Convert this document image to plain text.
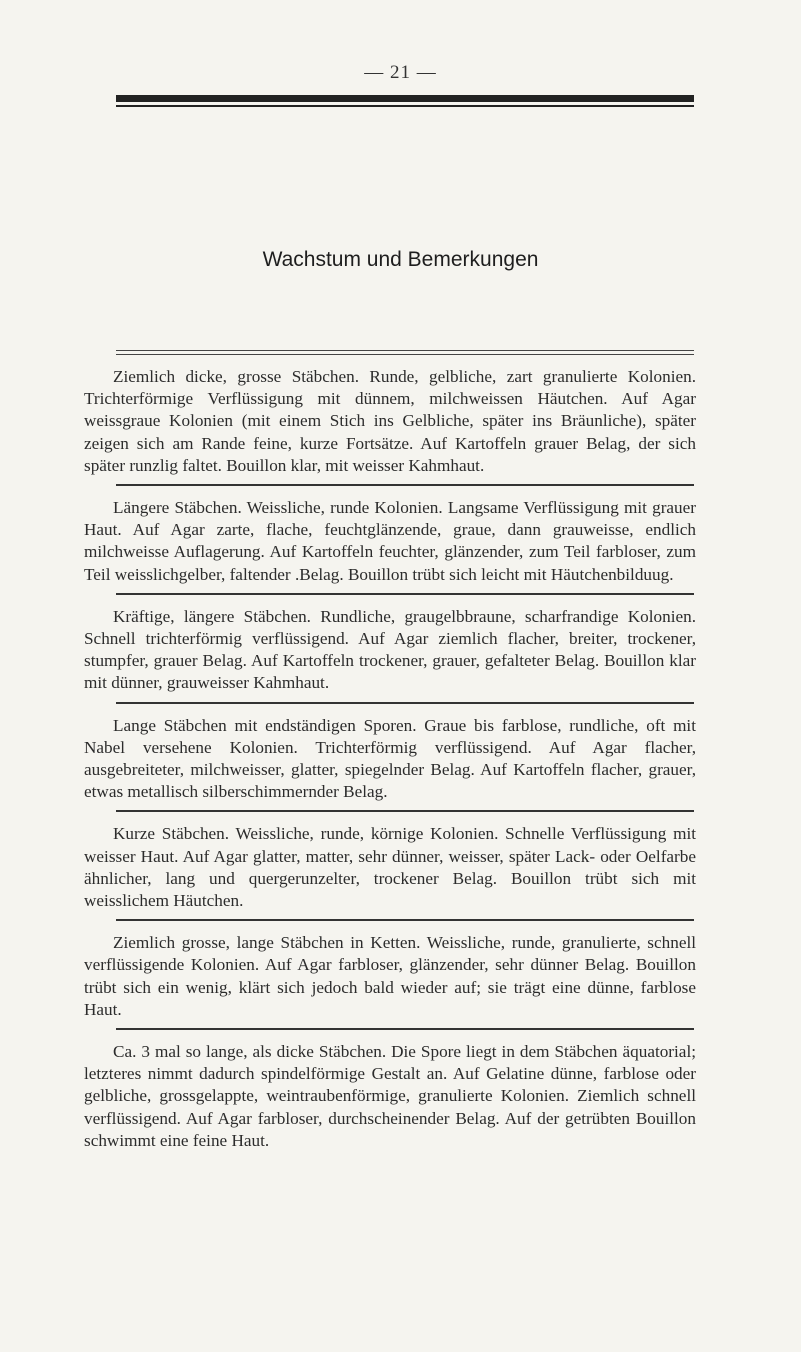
— 21 —
Wachstum und Bemerkungen

Ziemlich dicke, grosse Stäbchen. Runde, gelbliche, zart granulierte Kolonien. Trichterförmige Verflüssigung mit dünnem, milchweissen Häutchen. Auf Agar weissgraue Kolonien (mit einem Stich ins Gelbliche, später ins Bräunliche), später zeigen sich am Rande feine, kurze Fortsätze. Auf Kartoffeln grauer Belag, der sich später runzlig faltet. Bouillon klar, mit weisser Kahmhaut.

Längere Stäbchen. Weissliche, runde Kolonien. Langsame Verflüssigung mit grauer Haut. Auf Agar zarte, flache, feuchtglänzende, graue, dann grauweisse, endlich milchweisse Auflagerung. Auf Kartoffeln feuchter, glänzender, zum Teil farbloser, zum Teil weisslichgelber, faltender .Belag. Bouillon trübt sich leicht mit Häutchenbilduug.

Kräftige, längere Stäbchen. Rundliche, graugelbbraune, scharfrandige Kolonien. Schnell trichterförmig verflüssigend. Auf Agar ziemlich flacher, breiter, trockener, stumpfer, grauer Belag. Auf Kartoffeln trockener, grauer, gefalteter Belag. Bouillon klar mit dünner, grauweisser Kahmhaut.

Lange Stäbchen mit endständigen Sporen. Graue bis farblose, rundliche, oft mit Nabel versehene Kolonien. Trichterförmig verflüssigend. Auf Agar flacher, ausgebreiteter, milchweisser, glatter, spiegelnder Belag. Auf Kartoffeln flacher, grauer, etwas metallisch silberschimmernder Belag.

Kurze Stäbchen. Weissliche, runde, körnige Kolonien. Schnelle Verflüssigung mit weisser Haut. Auf Agar glatter, matter, sehr dünner, weisser, später Lack- oder Oelfarbe ähnlicher, lang und quergerunzelter, trockener Belag. Bouillon trübt sich mit weisslichem Häutchen.

Ziemlich grosse, lange Stäbchen in Ketten. Weissliche, runde, granulierte, schnell verflüssigende Kolonien. Auf Agar farbloser, glänzender, sehr dünner Belag. Bouillon trübt sich ein wenig, klärt sich jedoch bald wieder auf; sie trägt eine dünne, farblose Haut.

Ca. 3 mal so lange, als dicke Stäbchen. Die Spore liegt in dem Stäbchen äquatorial; letzteres nimmt dadurch spindelförmige Gestalt an. Auf Gelatine dünne, farblose oder gelbliche, grossgelappte, weintraubenförmige, granulierte Kolonien. Ziemlich schnell verflüssigend. Auf Agar farbloser, durchscheinender Belag. Auf der getrübten Bouillon schwimmt eine feine Haut.
